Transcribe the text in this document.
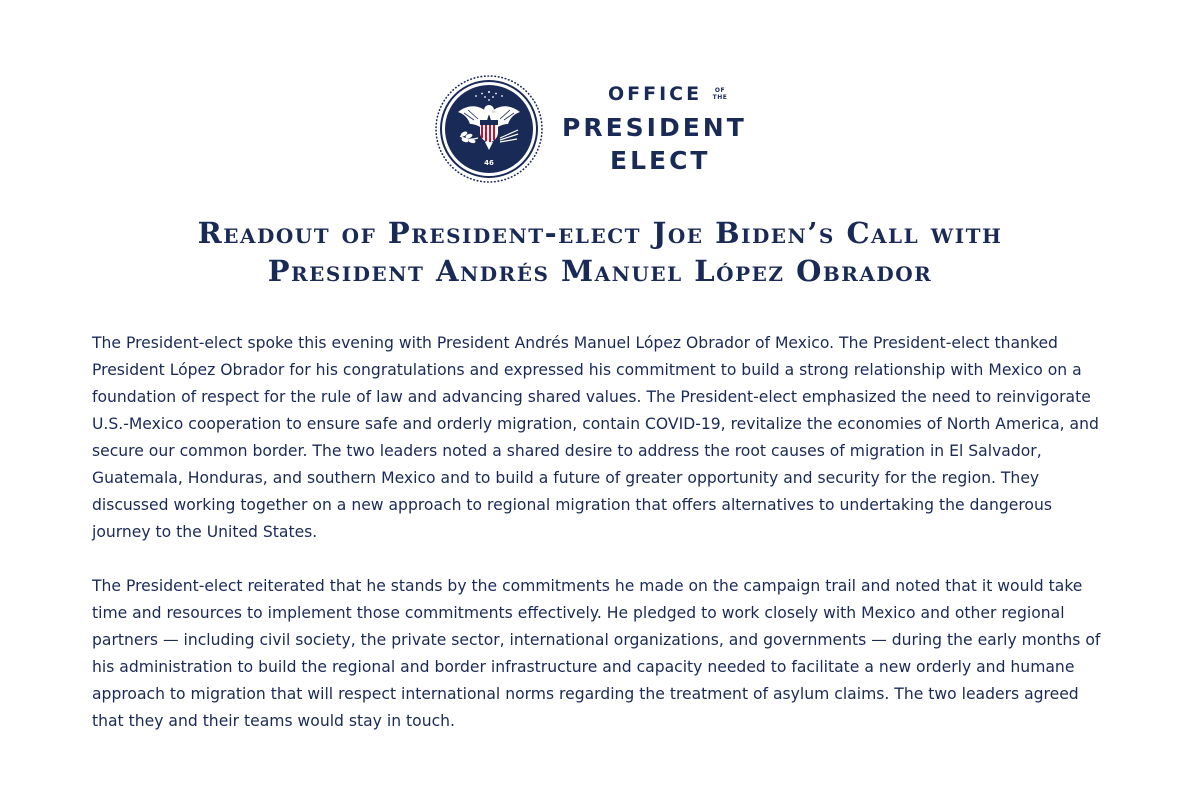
46
OFFICE	OF
THE
PRESIDENT
ELECT
Readout of President-elect Joe Biden’s Call with
President Andrés Manuel López Obrador

The President-elect spoke this evening with President Andrés Manuel López Obrador of Mexico. The President-elect thanked President López Obrador for his congratulations and expressed his commitment to build a strong relationship with Mexico on a foundation of respect for the rule of law and advancing shared values. The President-elect emphasized the need to reinvigorate U.S.-Mexico cooperation to ensure safe and orderly migration, contain COVID-19, revitalize the economies of North America, and secure our common border. The two leaders noted a shared desire to address the root causes of migration in El Salvador, Guatemala, Honduras, and southern Mexico and to build a future of greater opportunity and security for the region. They discussed working together on a new approach to regional migration that offers alternatives to undertaking the dangerous journey to the United States.

The President-elect reiterated that he stands by the commitments he made on the campaign trail and noted that it would take time and resources to implement those commitments effectively. He pledged to work closely with Mexico and other regional partners — including civil society, the private sector, international organizations, and governments — during the early months of his administration to build the regional and border infrastructure and capacity needed to facilitate a new orderly and humane approach to migration that will respect international norms regarding the treatment of asylum claims. The two leaders agreed that they and their teams would stay in touch.
